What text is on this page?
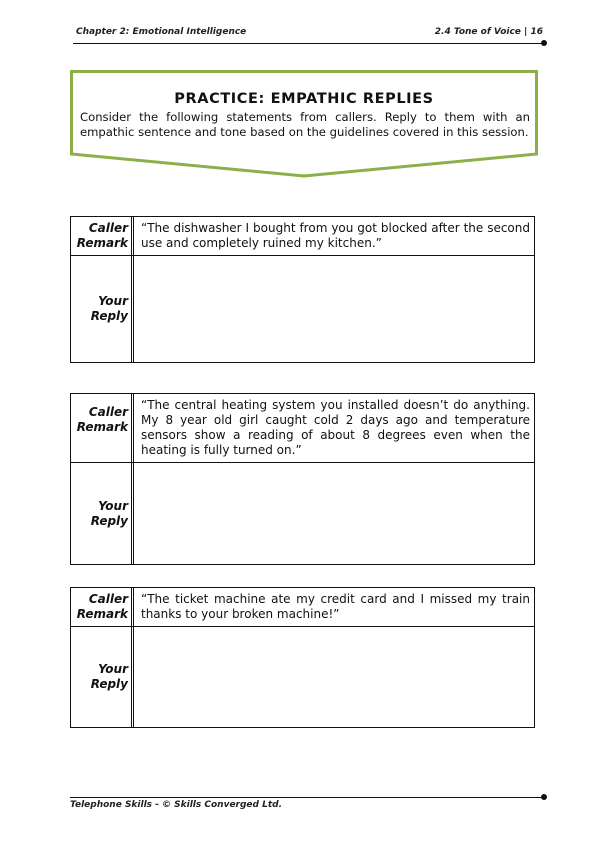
Chapter 2: Emotional Intelligence	2.4 Tone of Voice | 16
PRACTICE: EMPATHIC REPLIES
Consider the following statements from callers. Reply to them with an empathic sentence and tone based on the guidelines covered in this session.
Caller
Remark
“The dishwasher I bought from you got blocked after the second use and completely ruined my kitchen.”
Your
Reply
Caller
Remark
“The central heating system you installed doesn’t do anything. My 8 year old girl caught cold 2 days ago and temperature sensors show a reading of about 8 degrees even when the heating is fully turned on.”
Your
Reply
Caller
Remark
“The ticket machine ate my credit card and I missed my train thanks to your broken machine!”
Your
Reply
Telephone Skills - © Skills Converged Ltd.
